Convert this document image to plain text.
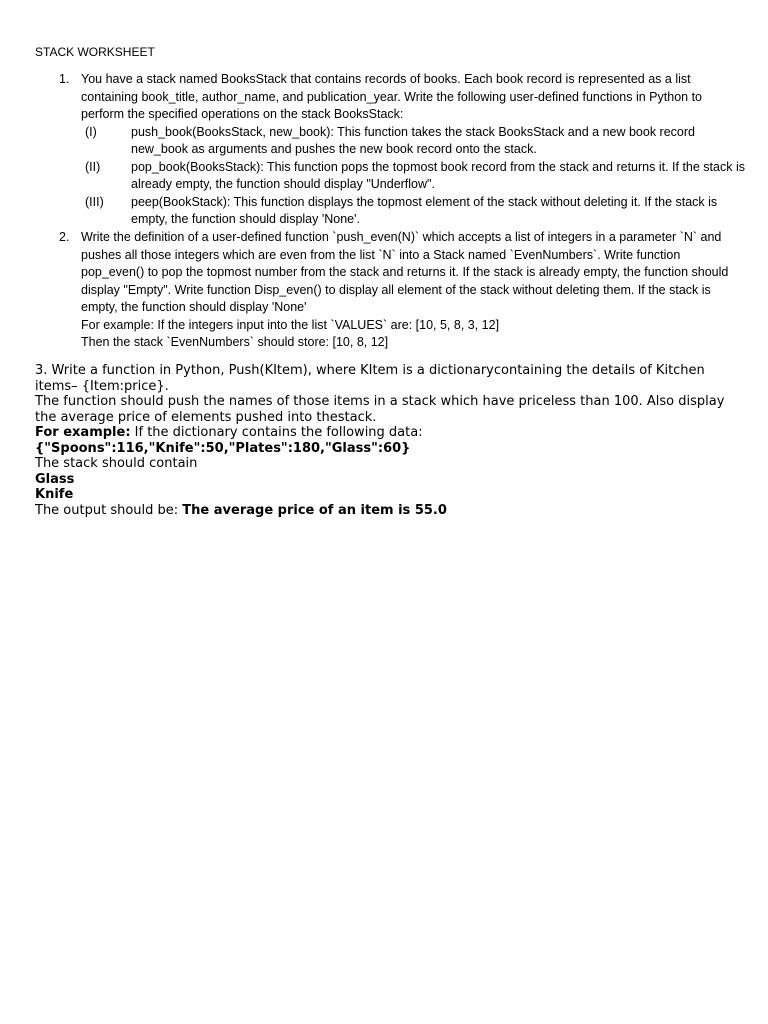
STACK WORKSHEET
1. You have a stack named BooksStack that contains records of books. Each book record is represented as a list containing book_title, author_name, and publication_year. Write the following user-defined functions in Python to perform the specified operations on the stack BooksStack:
(I)	push_book(BooksStack, new_book): This function takes the stack BooksStack and a new book record new_book as arguments and pushes the new book record onto the stack.
(II) pop_book(BooksStack): This function pops the topmost book record from the stack and returns it. If the stack is already empty, the function should display "Underflow".
(III) peep(BookStack): This function displays the topmost element of the stack without deleting it. If the stack is empty, the function should display 'None'.
2. Write the definition of a user-defined function `push_even(N)` which accepts a list of integers in a parameter `N` and pushes all those integers which are even from the list `N` into a Stack named `EvenNumbers`. Write function pop_even() to pop the topmost number from the stack and returns it. If the stack is already empty, the function should display "Empty". Write function Disp_even() to display all element of the stack without deleting them. If the stack is empty, the function should display 'None'
For example: If the integers input into the list `VALUES` are: [10, 5, 8, 3, 12]
Then the stack `EvenNumbers` should store: [10, 8, 12]

3. Write a function in Python, Push(KItem), where KItem is a dictionarycontaining the details of Kitchen items– {Item:price}.

The function should push the names of those items in a stack which have priceless than 100. Also display the average price of elements pushed into thestack.

For example: If the dictionary contains the following data:

{"Spoons":116,"Knife":50,"Plates":180,"Glass":60}

The stack should contain

Glass

Knife

The output should be: The average price of an item is 55.0
